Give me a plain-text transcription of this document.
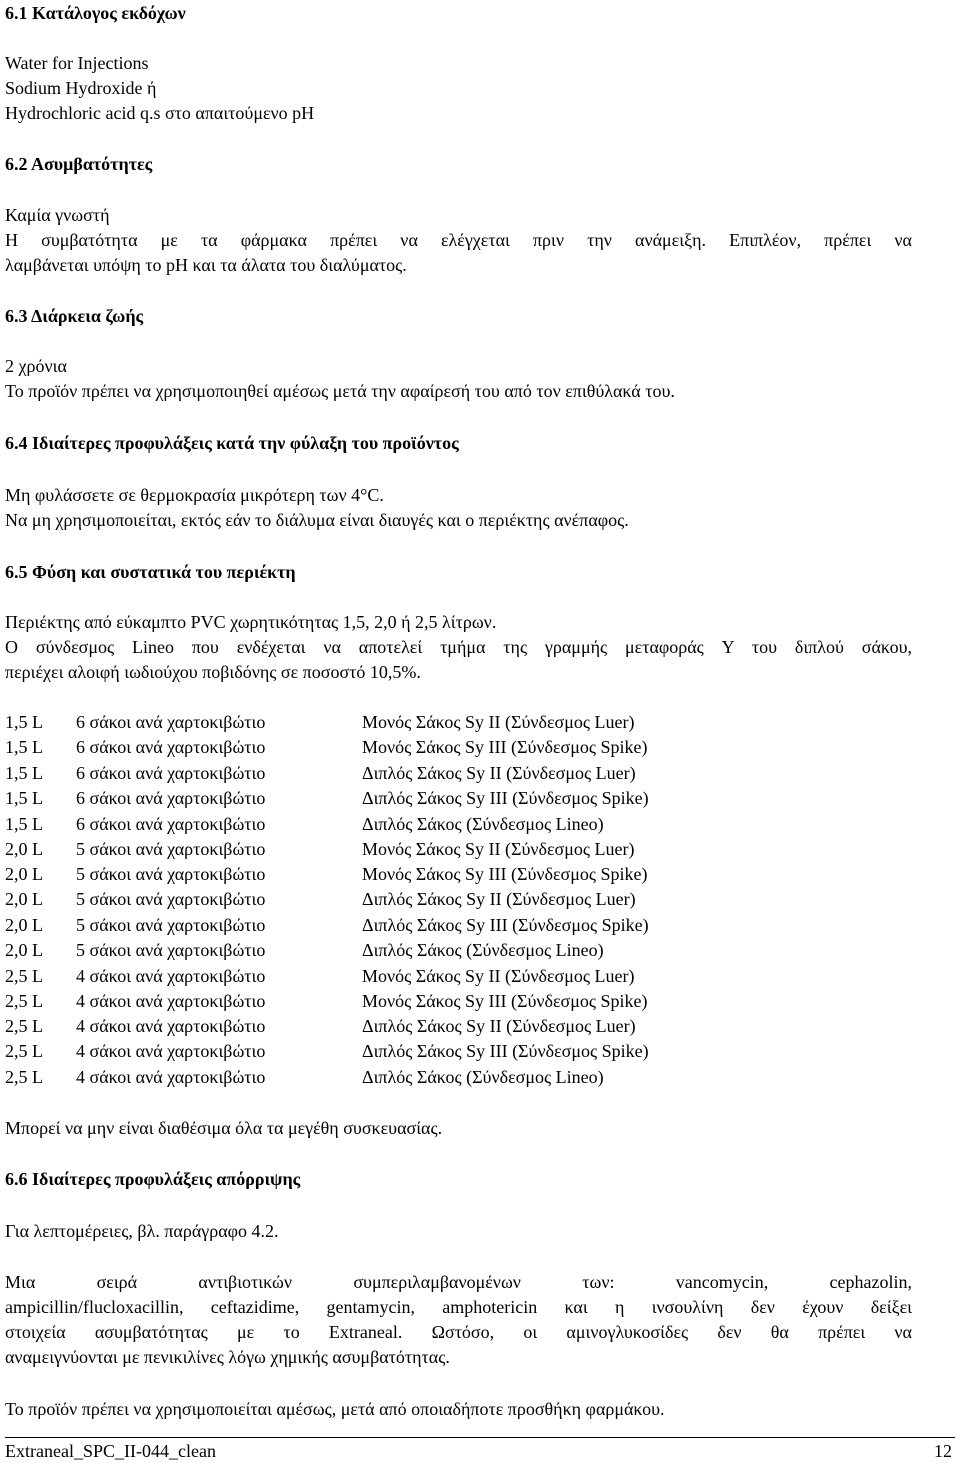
6.1 Κατάλογος εκδόχων
Water for Injections
Sodium Hydroxide ή
Hydrochloric acid q.s στο απαιτούμενο pH
6.2 Ασυμβατότητες
Καμία γνωστή
Η συμβατότητα με τα φάρμακα πρέπει να ελέγχεται πριν την ανάμειξη. Επιπλέον, πρέπει να
λαμβάνεται υπόψη το pH και τα άλατα του διαλύματος.
6.3 Διάρκεια ζωής
2 χρόνια
Το προϊόν πρέπει να χρησιμοποιηθεί αμέσως μετά την αφαίρεσή του από τον επιθύλακά του.
6.4 Ιδιαίτερες προφυλάξεις κατά την φύλαξη του προϊόντος
Μη φυλάσσετε σε θερμοκρασία μικρότερη των 4°C.
Να μη χρησιμοποιείται, εκτός εάν το διάλυμα είναι διαυγές και ο περιέκτης ανέπαφος.
6.5 Φύση και συστατικά του περιέκτη
Περιέκτης από εύκαμπτο PVC χωρητικότητας 1,5, 2,0 ή 2,5 λίτρων.
Ο σύνδεσμος Lineo που ενδέχεται να αποτελεί τμήμα της γραμμής μεταφοράς Y του διπλού σάκου,
περιέχει αλοιφή ιωδιούχου ποβιδόνης σε ποσοστό 10,5%.
1,5 L 6 σάκοι ανά χαρτοκιβώτιο	Μονός Σάκος Sy II (Σύνδεσμος Luer)
1,5 L 6 σάκοι ανά χαρτοκιβώτιο	Μονός Σάκος Sy III (Σύνδεσμος Spike)
1,5 L 6 σάκοι ανά χαρτοκιβώτιο	Διπλός Σάκος Sy II (Σύνδεσμος Luer)
1,5 L 6 σάκοι ανά χαρτοκιβώτιο	Διπλός Σάκος Sy III (Σύνδεσμος Spike)
1,5 L 6 σάκοι ανά χαρτοκιβώτιο	Διπλός Σάκος (Σύνδεσμος Lineo)
2,0 L 5 σάκοι ανά χαρτοκιβώτιο	Μονός Σάκος Sy II (Σύνδεσμος Luer)
2,0 L 5 σάκοι ανά χαρτοκιβώτιο	Μονός Σάκος Sy III (Σύνδεσμος Spike)
2,0 L 5 σάκοι ανά χαρτοκιβώτιο	Διπλός Σάκος Sy II (Σύνδεσμος Luer)
2,0 L 5 σάκοι ανά χαρτοκιβώτιο	Διπλός Σάκος Sy III (Σύνδεσμος Spike)
2,0 L 5 σάκοι ανά χαρτοκιβώτιο	Διπλός Σάκος (Σύνδεσμος Lineo)
2,5 L 4 σάκοι ανά χαρτοκιβώτιο	Μονός Σάκος Sy II (Σύνδεσμος Luer)
2,5 L 4 σάκοι ανά χαρτοκιβώτιο	Μονός Σάκος Sy III (Σύνδεσμος Spike)
2,5 L 4 σάκοι ανά χαρτοκιβώτιο	Διπλός Σάκος Sy II (Σύνδεσμος Luer)
2,5 L 4 σάκοι ανά χαρτοκιβώτιο	Διπλός Σάκος Sy III (Σύνδεσμος Spike)
2,5 L 4 σάκοι ανά χαρτοκιβώτιο	Διπλός Σάκος (Σύνδεσμος Lineo)
Μπορεί να μην είναι διαθέσιμα όλα τα μεγέθη συσκευασίας.
6.6 Ιδιαίτερες προφυλάξεις απόρριψης
Για λεπτομέρειες, βλ. παράγραφο 4.2.
Μια σειρά αντιβιοτικών συμπεριλαμβανομένων των: vancomycin, cephazolin,
ampicillin/flucloxacillin, ceftazidime, gentamycin, amphotericin και η ινσουλίνη δεν έχουν δείξει
στοιχεία ασυμβατότητας με το Extraneal. Ωστόσο, οι αμινογλυκοσίδες δεν θα πρέπει να
αναμειγνύονται με πενικιλίνες λόγω χημικής ασυμβατότητας.
Το προϊόν πρέπει να χρησιμοποιείται αμέσως, μετά από οποιαδήποτε προσθήκη φαρμάκου.
Extraneal_SPC_II-044_clean	12
